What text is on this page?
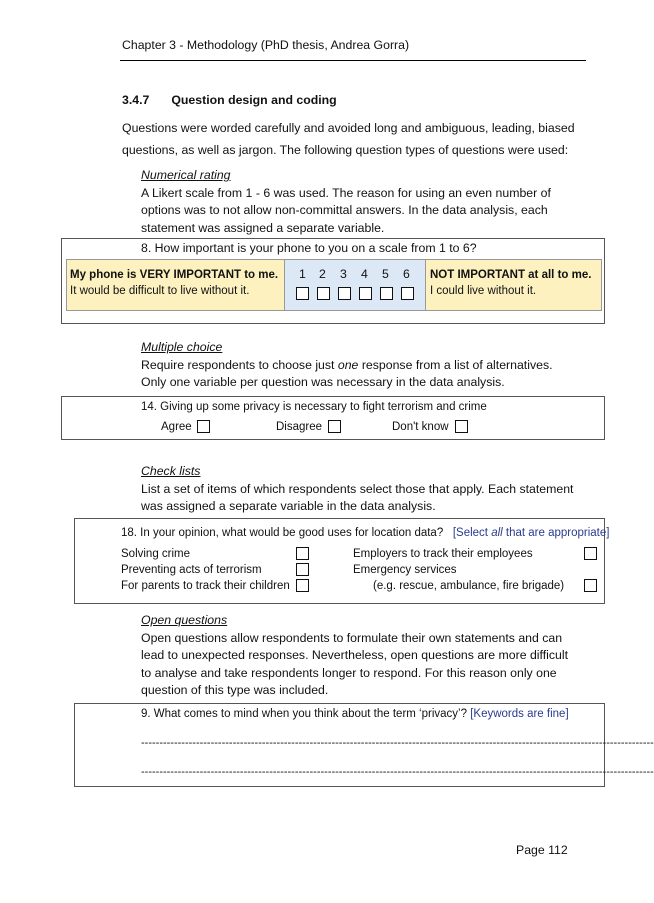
Chapter 3 - Methodology (PhD thesis, Andrea Gorra)
3.4.7 Question design and coding
Questions were worded carefully and avoided long and ambiguous, leading, biased
questions, as well as jargon. The following question types of questions were used:
Numerical rating
A Likert scale from 1 - 6 was used. The reason for using an even number of
options was to not allow non-committal answers. In the data analysis, each
statement was assigned a separate variable.
8. How important is your phone to you on a scale from 1 to 6?
My phone is VERY IMPORTANT to me.
It would be difficult to live without it.
1 2 3 4 5 6	NOT IMPORTANT at all to me.
I could live without it.
Multiple choice
Require respondents to choose just one response from a list of alternatives.
Only one variable per question was necessary in the data analysis.
14. Giving up some privacy is necessary to fight terrorism and crime
Agree	Disagree	Don't know
Check lists
List a set of items of which respondents select those that apply. Each statement
was assigned a separate variable in the data analysis.
18. In your opinion, what would be good uses for location data? [Select all that are appropriate]
Solving crime
Preventing acts of terrorism
For parents to track their children
Employers to track their employees
Emergency services
(e.g. rescue, ambulance, fire brigade)
Open questions
Open questions allow respondents to formulate their own statements and can
lead to unexpected responses. Nevertheless, open questions are more difficult
to analyse and take respondents longer to respond. For this reason only one
question of this type was included.
9. What comes to mind when you think about the term ‘privacy’? [Keywords are fine]
--------------------------------------------------------------------------------------------------------------------------------------------
--------------------------------------------------------------------------------------------------------------------------------------------
Page 112
